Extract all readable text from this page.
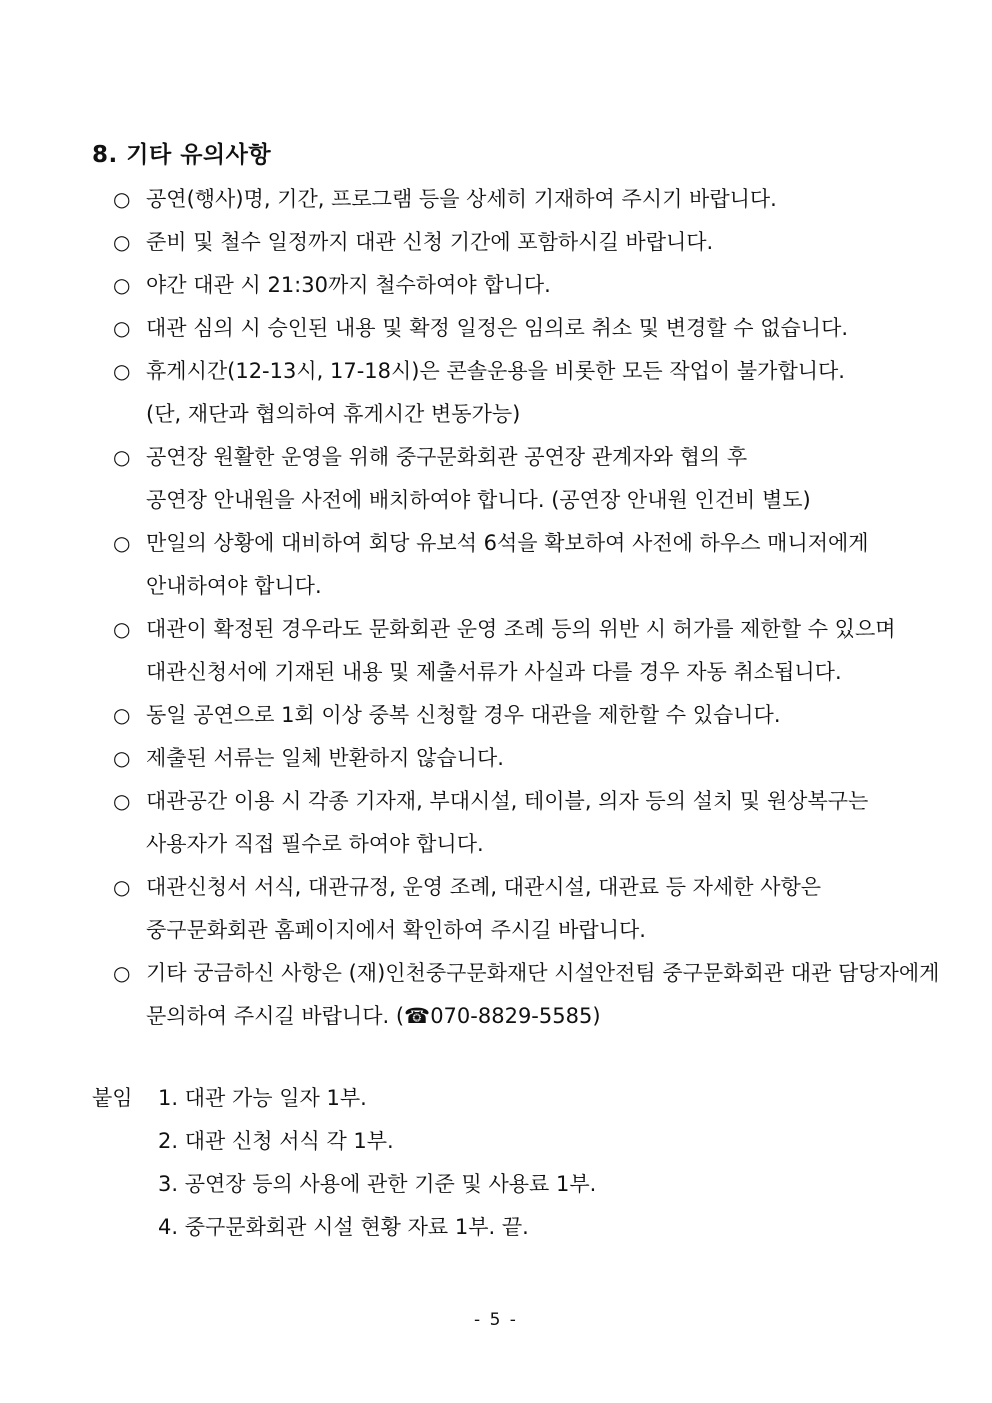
8. 기타 유의사항
○ 공연(행사)명, 기간, 프로그램 등을 상세히 기재하여 주시기 바랍니다.
○ 준비 및 철수 일정까지 대관 신청 기간에 포함하시길 바랍니다.
○ 야간 대관 시 21:30까지 철수하여야 합니다.
○ 대관 심의 시 승인된 내용 및 확정 일정은 임의로 취소 및 변경할 수 없습니다.
○ 휴게시간(12-13시, 17-18시)은 콘솔운용을 비롯한 모든 작업이 불가합니다.
(단, 재단과 협의하여 휴게시간 변동가능)
○ 공연장 원활한 운영을 위해 중구문화회관 공연장 관계자와 협의 후
공연장 안내원을 사전에 배치하여야 합니다. (공연장 안내원 인건비 별도)
○ 만일의 상황에 대비하여 회당 유보석 6석을 확보하여 사전에 하우스 매니저에게
안내하여야 합니다.
○ 대관이 확정된 경우라도 문화회관 운영 조례 등의 위반 시 허가를 제한할 수 있으며
대관신청서에 기재된 내용 및 제출서류가 사실과 다를 경우 자동 취소됩니다.
○ 동일 공연으로 1회 이상 중복 신청할 경우 대관을 제한할 수 있습니다.
○ 제출된 서류는 일체 반환하지 않습니다.
○ 대관공간 이용 시 각종 기자재, 부대시설, 테이블, 의자 등의 설치 및 원상복구는
사용자가 직접 필수로 하여야 합니다.
○ 대관신청서 서식, 대관규정, 운영 조례, 대관시설, 대관료 등 자세한 사항은
중구문화회관 홈페이지에서 확인하여 주시길 바랍니다.
○ 기타 궁금하신 사항은 (재)인천중구문화재단 시설안전팀 중구문화회관 대관 담당자에게
문의하여 주시길 바랍니다. (☎070-8829-5585)
붙임 1. 대관 가능 일자 1부.
2. 대관 신청 서식 각 1부.
3. 공연장 등의 사용에 관한 기준 및 사용료 1부.
4. 중구문화회관 시설 현황 자료 1부. 끝.
- 5 -
